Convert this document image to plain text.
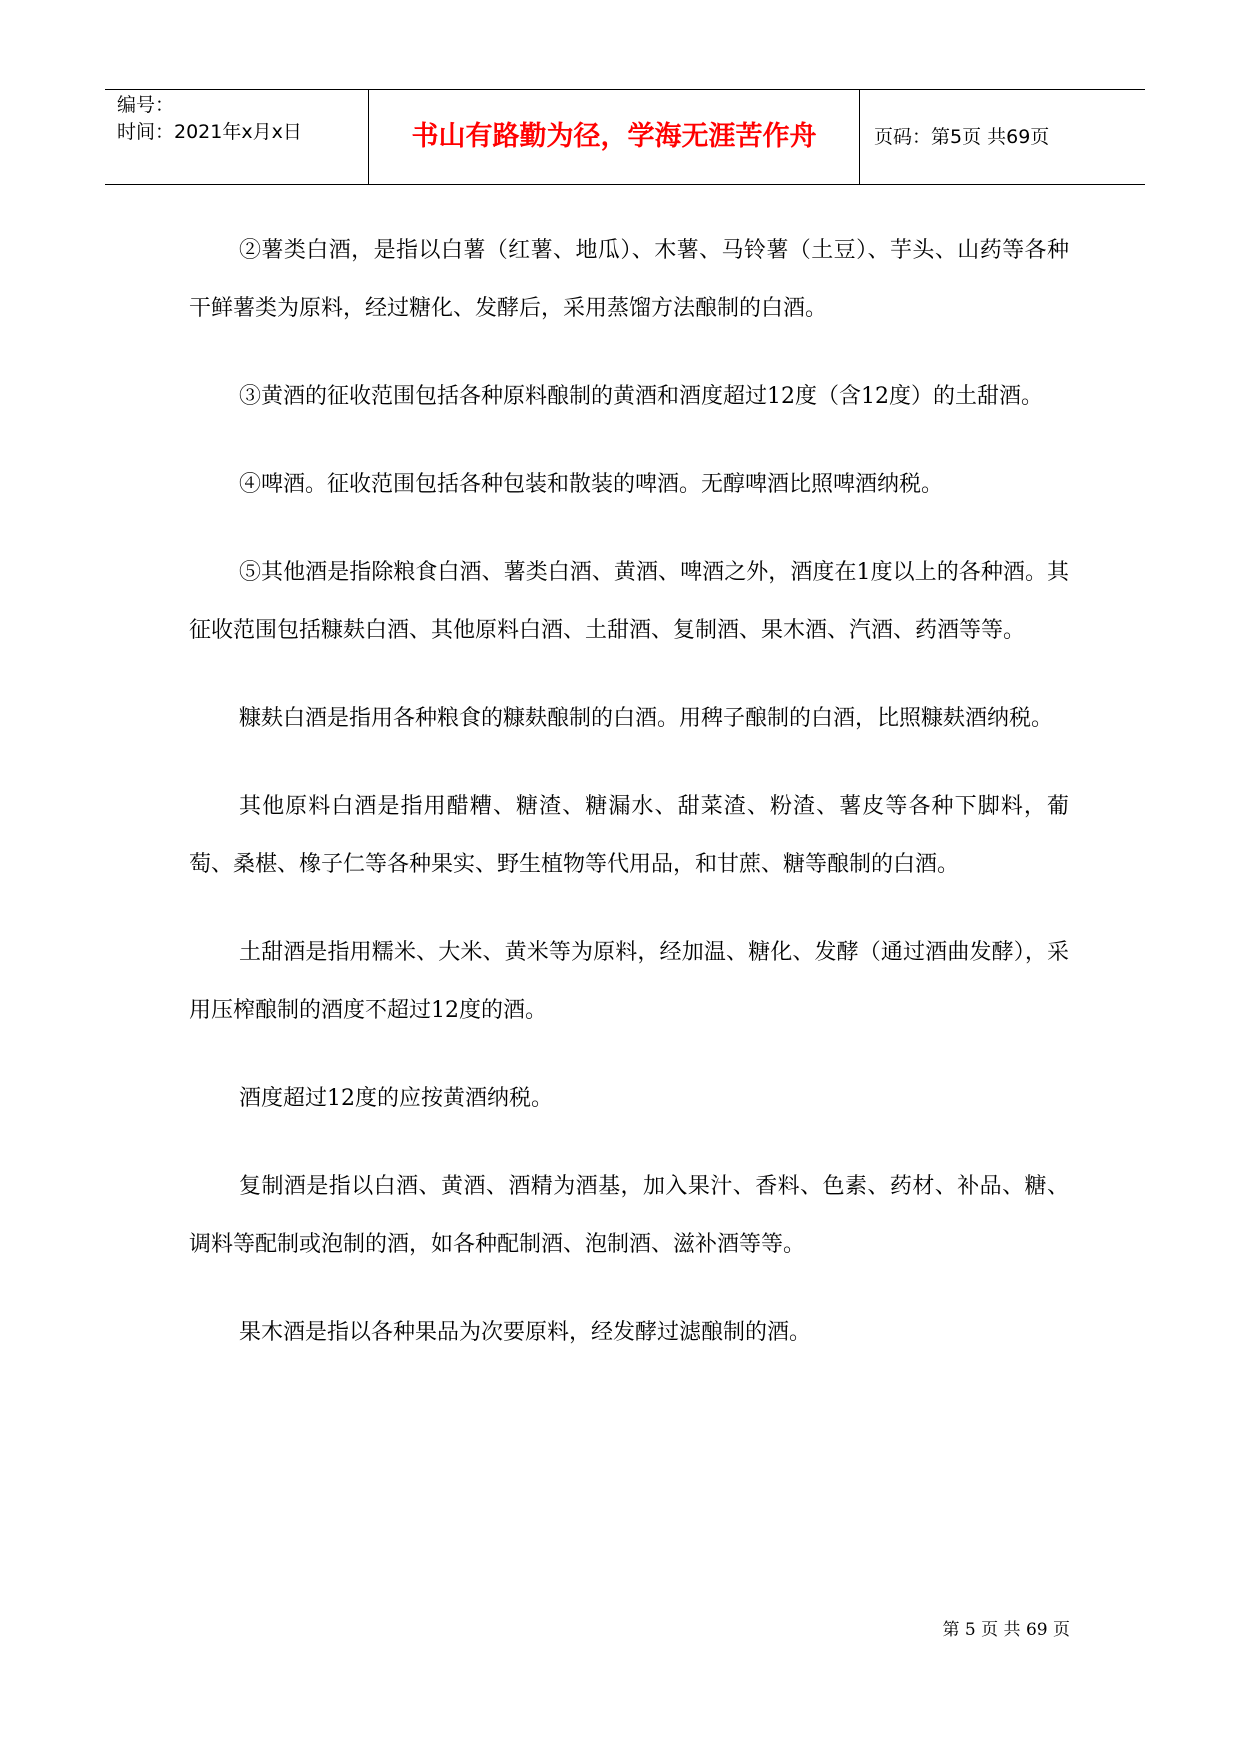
编号：
时间：2021年x月x日	书山有路勤为径，学海无涯苦作舟	页码：第5页 共69页

②薯类白酒，是指以白薯（红薯、地瓜）、木薯、马铃薯（土豆）、芋头、山药等各种干鲜薯类为原料，经过糖化、发酵后，采用蒸馏方法酿制的白酒。

③黄酒的征收范围包括各种原料酿制的黄酒和酒度超过12度（含12度）的土甜酒。

④啤酒。征收范围包括各种包装和散装的啤酒。无醇啤酒比照啤酒纳税。

⑤其他酒是指除粮食白酒、薯类白酒、黄酒、啤酒之外，酒度在1度以上的各种酒。其征收范围包括糠麸白酒、其他原料白酒、土甜酒、复制酒、果木酒、汽酒、药酒等等。

糠麸白酒是指用各种粮食的糠麸酿制的白酒。用稗子酿制的白酒，比照糠麸酒纳税。

其他原料白酒是指用醋糟、糖渣、糖漏水、甜菜渣、粉渣、薯皮等各种下脚料，葡萄、桑椹、橡子仁等各种果实、野生植物等代用品，和甘蔗、糖等酿制的白酒。

土甜酒是指用糯米、大米、黄米等为原料，经加温、糖化、发酵（通过酒曲发酵），采用压榨酿制的酒度不超过12度的酒。

酒度超过12度的应按黄酒纳税。

复制酒是指以白酒、黄酒、酒精为酒基，加入果汁、香料、色素、药材、补品、糖、调料等配制或泡制的酒，如各种配制酒、泡制酒、滋补酒等等。

果木酒是指以各种果品为次要原料，经发酵过滤酿制的酒。

第 5 页 共 69 页
